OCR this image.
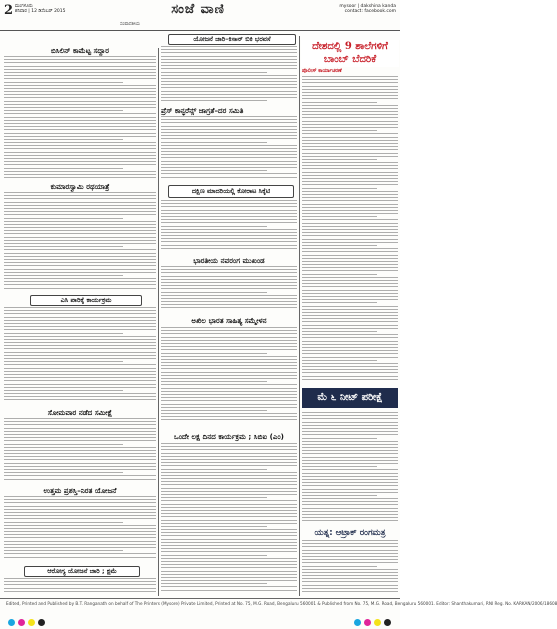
2 ಮಂಗಳೂರು
ಶನಿವಾರ | 12 ಡಿಸೆಂಬರ್ 2015	ಸಂಜೆ ವಾಣಿ	mysoor | dakshina kanda
contact: facebook.com
ಸಂಪಾದಕೀಯ
ಬಿಸಿಲಿನ್ ಕಾಮೆಟ್ಟ ಸದ್ದಾರ
ಕುಮಾರಸ್ವಾಮಿ ರಥಯಾತ್ರೆ
ಎಸಿ ಪಾರಿಕ್ಕೆ ಕಾರ್ಯಕ್ರಮ
ಸೋಮವಾರ ನಡೆದ ಸಮೀಕ್ಷೆ
ಉತ್ತಮ ಪ್ರಶಸ್ತಿ–ನಿರತ ಯೋಜನೆ
ಆರೋಗ್ಯ ಯೋಜನೆ ಜಾರಿ ; ಕ್ಷಮೆ
ಯೋಜನೆ ಜಾರಿ–ಕಿಸಾನ್ ಬಿಕಿ ಭರವಸೆ
ಪ್ರೆಸ್ ಕಾನ್ಫರೆನ್ಸ್ ಜಾಗ್ರತೆ–ದರ ಸಮಿತಿ
ದಕ್ಷಿಣ ಮಾದರಿಯಲ್ಲಿ ಕೋರಾಟ ಸಿಕ್ಕೆಟಿ
ಭಾರತೀಯ ನವರಂಗ ಮುಖಂಡ
ಅಖಿಲ ಭಾರತ ಸಾಹಿತ್ಯ ಸಮ್ಮೇಳನ
ಒಂದೇ ಲಕ್ಷ ದಿನದ ಕಾರ್ಯಕ್ರಮ ; ಸಿಬಿಐ (ಎಂ)
ದೇಶದಲ್ಲಿ 9 ಶಾಲೆಗಳಿಗೆ
ಬಾಂಬ್ ಬೆದರಿಕೆ
ಪೊಲೀಸ್ ಕಾರ್ಯಾಚರಣೆ
ಮೆ ೬ ನೀಟ್ ಪರೀಕ್ಷೆ
ಯತ್ನ: ಆಟ್ರಾಕ್ ರಂಗಮತ್ರ
Edited, Printed and Published by B.T. Ranganath on behalf of The Printers (Mysore) Private Limited, Printed at No. 75, M.G. Road, Bengaluru 560001 & Published from No. 75, M.G. Road, Bengaluru 560001. Editor: Shanthakumari, RNI Reg. No. KARKAN/2006/18608
